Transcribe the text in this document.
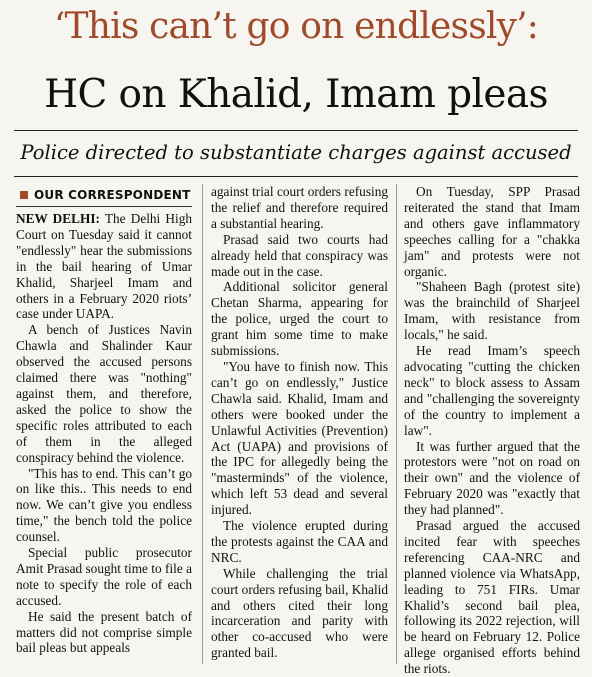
‘This can’t go on endlessly’:
HC on Khalid, Imam pleas
Police directed to substantiate charges against accused
OUR CORRESPONDENT

NEW DELHI: The Delhi High Court on Tuesday said it cannot "endlessly" hear the submissions in the bail hearing of Umar Khalid, Sharjeel Imam and others in a February 2020 riots’ case under UAPA.

A bench of Justices Navin Chawla and Shalinder Kaur observed the accused persons claimed there was "nothing" against them, and therefore, asked the police to show the specific roles attributed to each of them in the alleged conspiracy behind the violence.

"This has to end. This can’t go on like this.. This needs to end now. We can’t give you endless time," the bench told the police counsel.

Special public prosecutor Amit Prasad sought time to file a note to specify the role of each accused.

He said the present batch of matters did not comprise simple bail pleas but appeals

against trial court orders refusing the relief and therefore required a substantial hearing.

Prasad said two courts had already held that conspiracy was made out in the case.

Additional solicitor general Chetan Sharma, appearing for the police, urged the court to grant him some time to make submissions.

"You have to finish now. This can’t go on endlessly," Justice Chawla said. Khalid, Imam and others were booked under the Unlawful Activities (Prevention) Act (UAPA) and provisions of the IPC for allegedly being the "masterminds" of the violence, which left 53 dead and several injured.

The violence erupted during the protests against the CAA and NRC.

While challenging the trial court orders refusing bail, Khalid and others cited their long incarceration and parity with other co-accused who were granted bail.

On Tuesday, SPP Prasad reiterated the stand that Imam and others gave inflammatory speeches calling for a "chakka jam" and protests were not organic.

"Shaheen Bagh (protest site) was the brainchild of Sharjeel Imam, with resistance from locals," he said.

He read Imam’s speech advocating "cutting the chicken neck" to block assess to Assam and "challenging the sovereignty of the country to implement a law".

It was further argued that the protestors were "not on road on their own" and the violence of February 2020 was "exactly that they had planned".

Prasad argued the accused incited fear with speeches referencing CAA-NRC and planned violence via WhatsApp, leading to 751 FIRs. Umar Khalid’s second bail plea, following its 2022 rejection, will be heard on February 12. Police allege organised efforts behind the riots.
